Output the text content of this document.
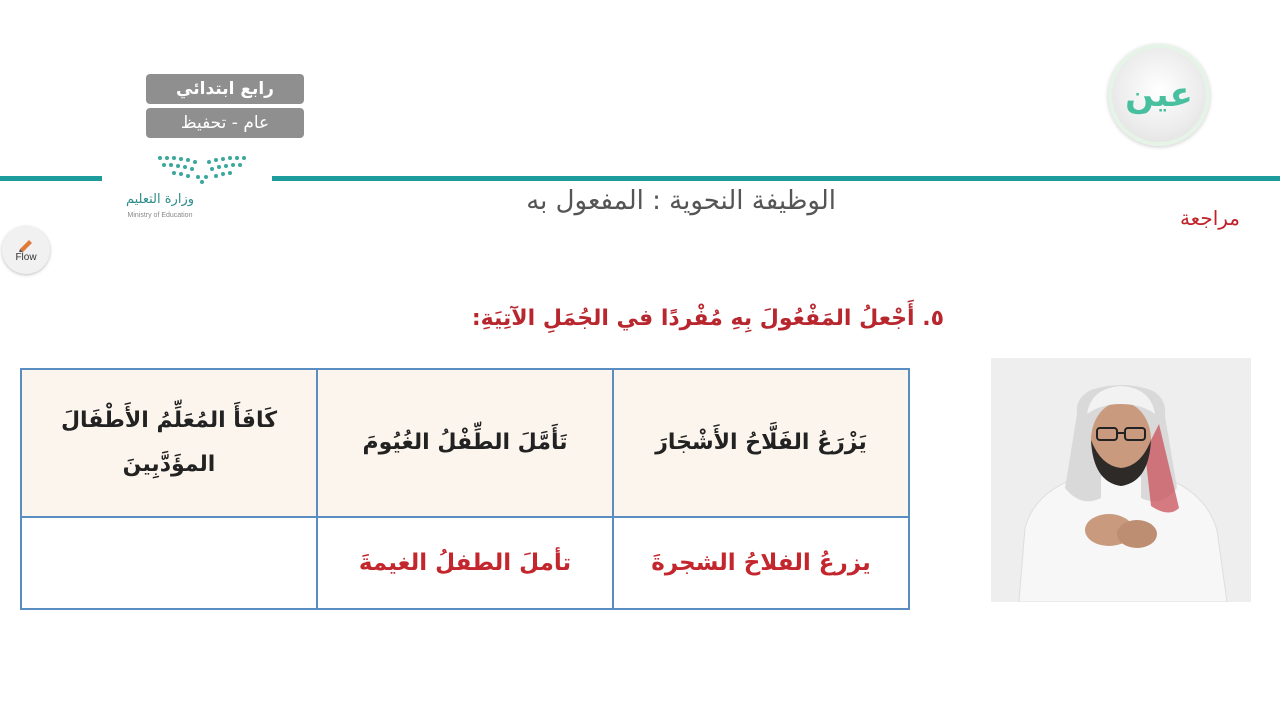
رابع ابتدائي
عام - تحفيظ
وزارة التعليم
Ministry of Education
Flow
عين
الوظيفة النحوية : المفعول به
مراجعة
٥. أَجْعلُ المَفْعُولَ بِهِ مُفْردًا في الجُمَلِ الآتِيَةِ:
كَافَأَ المُعَلِّمُ الأَطْفَالَ المؤَدَّبِينَ
تَأَمَّلَ الطِّفْلُ الغُيُومَ	يَزْرَعُ الفَلَّاحُ الأَشْجَارَ
تأملَ الطفلُ الغيمةَ	يزرعُ الفلاحُ الشجرةَ
